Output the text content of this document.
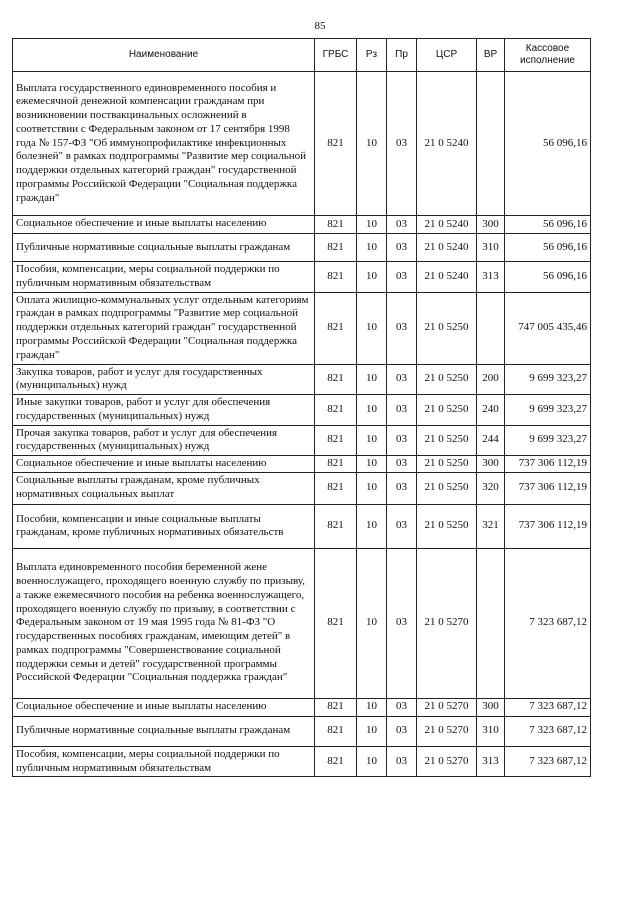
85
Наименование	ГРБС	Рз	Пр	ЦСР	ВР	Кассовое исполнение
Выплата государственного единовременного пособия и ежемесячной денежной компенсации гражданам при возникновении поствакцинальных осложнений в соответствии с Федеральным законом от 17 сентября 1998 года № 157-ФЗ "Об иммунопрофилактике инфекционных болезней" в рамках подпрограммы "Развитие мер социальной поддержки отдельных категорий граждан" государственной программы Российской Федерации "Социальная поддержка граждан"	821	10	03	21 0 5240		56 096,16
Социальное обеспечение и иные выплаты населению	821	10	03	21 0 5240	300	56 096,16
Публичные нормативные социальные выплаты гражданам	821	10	03	21 0 5240	310	56 096,16
Пособия, компенсации, меры социальной поддержки по публичным нормативным обязательствам	821	10	03	21 0 5240	313	56 096,16
Оплата жилищно-коммунальных услуг отдельным категориям граждан в рамках подпрограммы "Развитие мер социальной поддержки отдельных категорий граждан" государственной программы Российской Федерации "Социальная поддержка граждан"	821	10	03	21 0 5250		747 005 435,46
Закупка товаров, работ и услуг для государственных (муниципальных) нужд	821	10	03	21 0 5250	200	9 699 323,27
Иные закупки товаров, работ и услуг для обеспечения государственных (муниципальных) нужд	821	10	03	21 0 5250	240	9 699 323,27
Прочая закупка товаров, работ и услуг для обеспечения государственных (муниципальных) нужд	821	10	03	21 0 5250	244	9 699 323,27
Социальное обеспечение и иные выплаты населению	821	10	03	21 0 5250	300	737 306 112,19
Социальные выплаты гражданам, кроме публичных нормативных социальных выплат	821	10	03	21 0 5250	320	737 306 112,19
Пособия, компенсации и иные социальные выплаты гражданам, кроме публичных нормативных обязательств	821	10	03	21 0 5250	321	737 306 112,19
Выплата единовременного пособия беременной жене военнослужащего, проходящего военную службу по призыву, а также ежемесячного пособия на ребенка военнослужащего, проходящего военную службу по призыву, в соответствии с Федеральным законом от 19 мая 1995 года № 81-ФЗ "О государственных пособиях гражданам, имеющим детей" в рамках подпрограммы "Совершенствование социальной поддержки семьи и детей" государственной программы Российской Федерации "Социальная поддержка граждан"	821	10	03	21 0 5270		7 323 687,12
Социальное обеспечение и иные выплаты населению	821	10	03	21 0 5270	300	7 323 687,12
Публичные нормативные социальные выплаты гражданам	821	10	03	21 0 5270	310	7 323 687,12
Пособия, компенсации, меры социальной поддержки по публичным нормативным обязательствам	821	10	03	21 0 5270	313	7 323 687,12
